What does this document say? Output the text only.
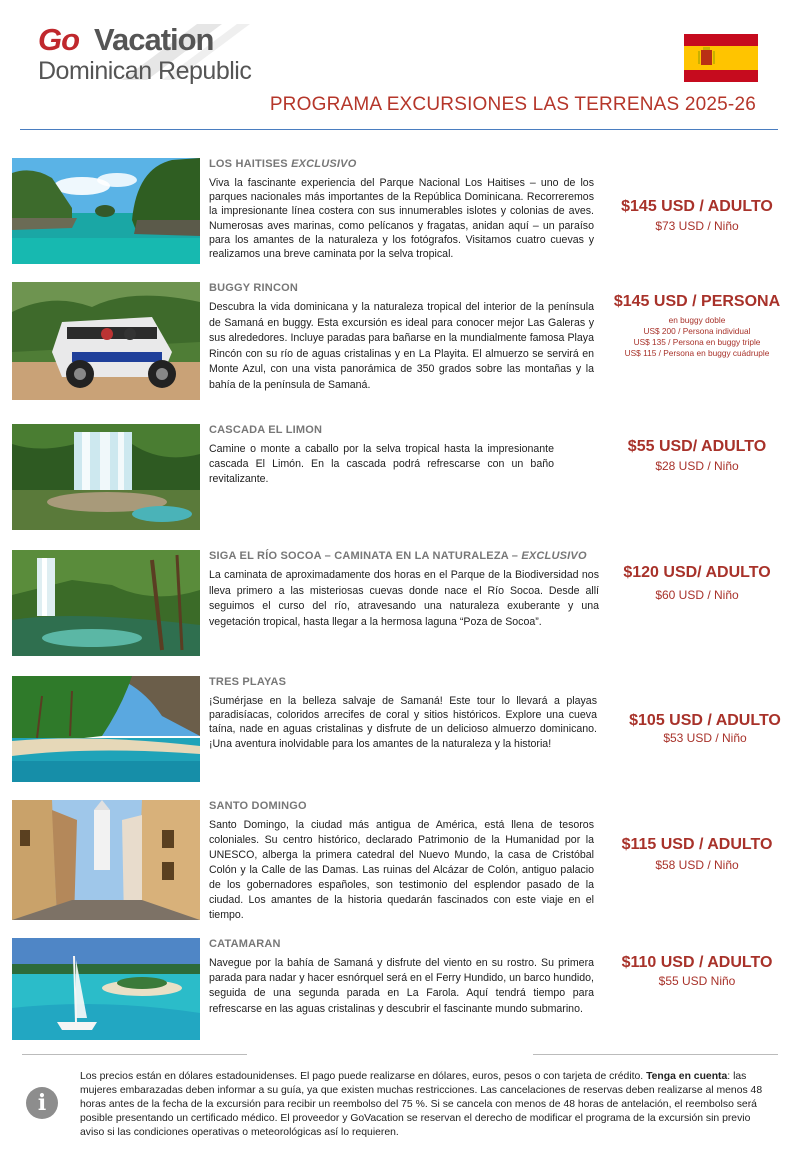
Go Vacation
Dominican Republic
PROGRAMA EXCURSIONES LAS TERRENAS 2025-26
LOS HAITISES EXCLUSIVO
Viva la fascinante experiencia del Parque Nacional Los Haitises – uno de los parques nacionales más importantes de la República Dominicana. Recorreremos la impresionante línea costera con sus innumerables islotes y colonias de aves. Numerosas aves marinas, como pelícanos y fragatas, anidan aquí – un paraíso para los amantes de la naturaleza y los fotógrafos. Visitamos cuatro cuevas y realizamos una breve caminata por la selva tropical.
$145 USD / ADULTO
$73 USD / Niño
BUGGY RINCON
Descubra la vida dominicana y la naturaleza tropical del interior de la península de Samaná en buggy. Esta excursión es ideal para conocer mejor Las Galeras y sus alrededores. Incluye paradas para bañarse en la mundialmente famosa Playa Rincón con su río de aguas cristalinas y en La Playita. El almuerzo se servirá en Monte Azul, con una vista panorámica de 350 grados sobre las montañas y la bahía de la península de Samaná.
$145 USD / PERSONA
en buggy doble
US$ 200 / Persona individual
US$ 135 / Persona en buggy triple
US$ 115 / Persona en buggy cuádruple
CASCADA EL LIMON
Camine o monte a caballo por la selva tropical hasta la impresionante cascada El Limón. En la cascada podrá refrescarse con un baño revitalizante.
$55 USD/ ADULTO
$28 USD / Niño
SIGA EL RÍO SOCOA – CAMINATA EN LA NATURALEZA – EXCLUSIVO
La caminata de aproximadamente dos horas en el Parque de la Biodiversidad nos lleva primero a las misteriosas cuevas donde nace el Río Socoa. Desde allí seguimos el curso del río, atravesando una naturaleza exuberante y una vegetación tropical, hasta llegar a la hermosa laguna “Poza de Socoa”.
$120 USD/ ADULTO
$60 USD / Niño
TRES PLAYAS
¡Sumérjase en la belleza salvaje de Samaná! Este tour lo llevará a playas paradisíacas, coloridos arrecifes de coral y sitios históricos. Explore una cueva taína, nade en aguas cristalinas y disfrute de un delicioso almuerzo dominicano. ¡Una aventura inolvidable para los amantes de la naturaleza y la historia!
$105 USD / ADULTO
$53 USD / Niño
SANTO DOMINGO
Santo Domingo, la ciudad más antigua de América, está llena de tesoros coloniales. Su centro histórico, declarado Patrimonio de la Humanidad por la UNESCO, alberga la primera catedral del Nuevo Mundo, la casa de Cristóbal Colón y la Calle de las Damas. Las ruinas del Alcázar de Colón, antiguo palacio de los gobernadores españoles, son testimonio del esplendor pasado de la ciudad. Los amantes de la historia quedarán fascinados con este viaje en el tiempo.
$115 USD / ADULTO
$58 USD / Niño
CATAMARAN
Navegue por la bahía de Samaná y disfrute del viento en su rostro. Su primera parada para nadar y hacer esnórquel será en el Ferry Hundido, un barco hundido, seguida de una segunda parada en La Farola. Aquí tendrá tiempo para refrescarse en las aguas cristalinas y descubrir el fascinante mundo submarino.
$110 USD / ADULTO
$55 USD Niño
i
Los precios están en dólares estadounidenses. El pago puede realizarse en dólares, euros, pesos o con tarjeta de crédito. Tenga en cuenta: las mujeres embarazadas deben informar a su guía, ya que existen muchas restricciones. Las cancelaciones de reservas deben realizarse al menos 48 horas antes de la fecha de la excursión para recibir un reembolso del 75 %. Si se cancela con menos de 48 horas de antelación, el reembolso será posible presentando un certificado médico. El proveedor y GoVacation se reservan el derecho de modificar el programa de la excursión sin previo aviso si las condiciones operativas o meteorológicas así lo requieren.
